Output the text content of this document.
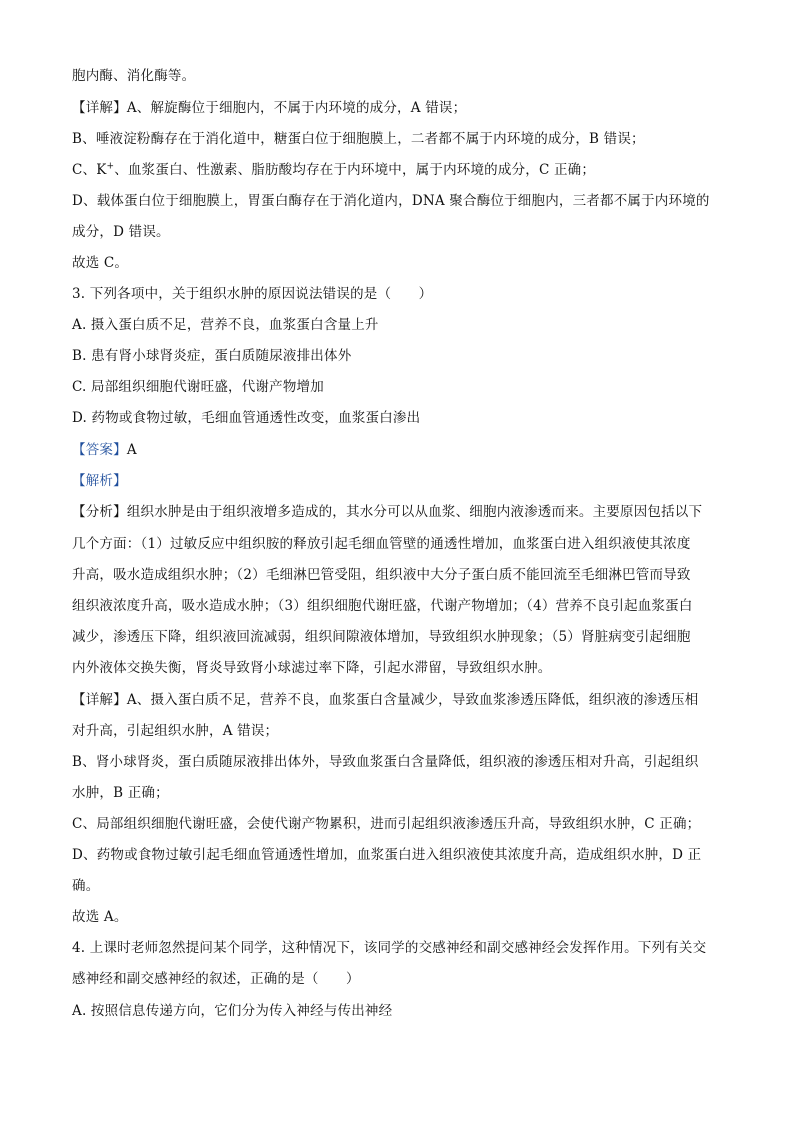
胞内酶、消化酶等。
【详解】A、解旋酶位于细胞内，不属于内环境的成分，A 错误；
B、唾液淀粉酶存在于消化道中，糖蛋白位于细胞膜上，二者都不属于内环境的成分，B 错误；
C、K+、血浆蛋白、性激素、脂肪酸均存在于内环境中，属于内环境的成分，C 正确；
D、载体蛋白位于细胞膜上，胃蛋白酶存在于消化道内，DNA 聚合酶位于细胞内，三者都不属于内环境的
成分，D 错误。
故选 C。
3. 下列各项中，关于组织水肿的原因说法错误的是（　　）
A. 摄入蛋白质不足，营养不良，血浆蛋白含量上升
B. 患有肾小球肾炎症，蛋白质随尿液排出体外
C. 局部组织细胞代谢旺盛，代谢产物增加
D. 药物或食物过敏，毛细血管通透性改变，血浆蛋白渗出
【答案】A
【解析】
【分析】组织水肿是由于组织液增多造成的，其水分可以从血浆、细胞内液渗透而来。主要原因包括以下
几个方面：（1）过敏反应中组织胺的释放引起毛细血管壁的通透性增加，血浆蛋白进入组织液使其浓度
升高，吸水造成组织水肿；（2）毛细淋巴管受阻，组织液中大分子蛋白质不能回流至毛细淋巴管而导致
组织液浓度升高，吸水造成水肿；（3）组织细胞代谢旺盛，代谢产物增加；（4）营养不良引起血浆蛋白
减少，渗透压下降，组织液回流减弱，组织间隙液体增加，导致组织水肿现象；（5）肾脏病变引起细胞
内外液体交换失衡，肾炎导致肾小球滤过率下降，引起水滞留，导致组织水肿。
【详解】A、摄入蛋白质不足，营养不良，血浆蛋白含量减少，导致血浆渗透压降低，组织液的渗透压相
对升高，引起组织水肿，A 错误；
B、肾小球肾炎，蛋白质随尿液排出体外，导致血浆蛋白含量降低，组织液的渗透压相对升高，引起组织
水肿，B 正确；
C、局部组织细胞代谢旺盛，会使代谢产物累积，进而引起组织液渗透压升高，导致组织水肿，C 正确；
D、药物或食物过敏引起毛细血管通透性增加，血浆蛋白进入组织液使其浓度升高，造成组织水肿，D 正
确。
故选 A。
4. 上课时老师忽然提问某个同学，这种情况下，该同学的交感神经和副交感神经会发挥作用。下列有关交
感神经和副交感神经的叙述，正确的是（　　）
A. 按照信息传递方向，它们分为传入神经与传出神经
